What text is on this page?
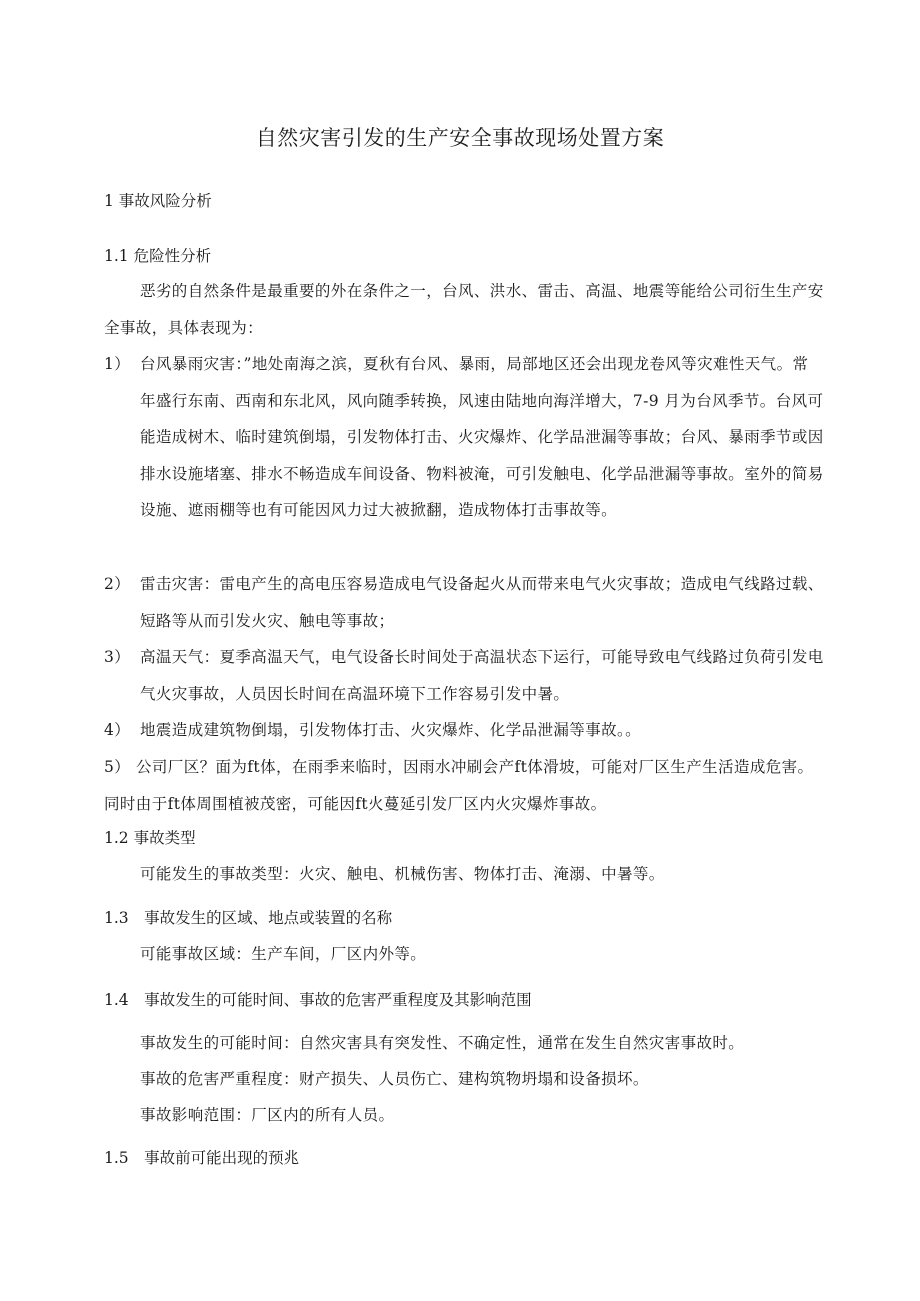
自然灾害引发的生产安全事故现场处置方案
1 事故风险分析
1.1 危险性分析
恶劣的自然条件是最重要的外在条件之一，台风、洪水、雷击、高温、地震等能给公司衍生生产安全事故，具体表现为：
1） 台风暴雨灾害：”地处南海之滨，夏秋有台风、暴雨，局部地区还会出现龙卷风等灾难性天气。常年盛行东南、西南和东北风，风向随季转换，风速由陆地向海洋增大，7-9 月为台风季节。台风可能造成树木、临时建筑倒塌，引发物体打击、火灾爆炸、化学品泄漏等事故；台风、暴雨季节或因排水设施堵塞、排水不畅造成车间设备、物料被淹，可引发触电、化学品泄漏等事故。室外的简易设施、遮雨棚等也有可能因风力过大被掀翻，造成物体打击事故等。
2） 雷击灾害：雷电产生的高电压容易造成电气设备起火从而带来电气火灾事故；造成电气线路过载、短路等从而引发火灾、触电等事故；
3） 高温天气：夏季高温天气，电气设备长时间处于高温状态下运行，可能导致电气线路过负荷引发电气火灾事故，人员因长时间在高温环境下工作容易引发中暑。
4） 地震造成建筑物倒塌，引发物体打击、火灾爆炸、化学品泄漏等事故。。
5） 公司厂区？面为ft体，在雨季来临时，因雨水冲刷会产ft体滑坡，可能对厂区生产生活造成危害。同时由于ft体周围植被茂密，可能因ft火蔓延引发厂区内火灾爆炸事故。
1.2 事故类型
可能发生的事故类型：火灾、触电、机械伤害、物体打击、淹溺、中暑等。
1.3　事故发生的区域、地点或装置的名称
可能事故区域：生产车间，厂区内外等。
1.4　事故发生的可能时间、事故的危害严重程度及其影响范围
事故发生的可能时间：自然灾害具有突发性、不确定性，通常在发生自然灾害事故时。
事故的危害严重程度：财产损失、人员伤亡、建构筑物坍塌和设备损坏。
事故影响范围：厂区内的所有人员。
1.5　事故前可能出现的预兆
